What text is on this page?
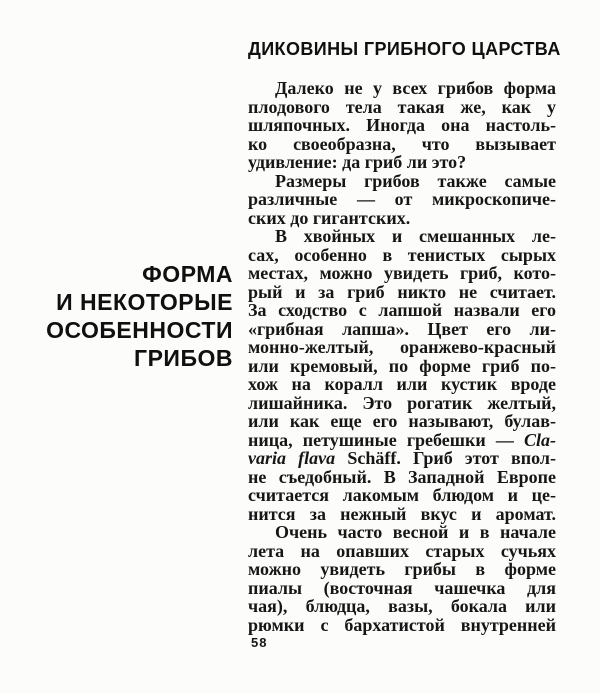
ДИКОВИНЫ ГРИБНОГО ЦАРСТВА
ФОРМА
И НЕКОТОРЫЕ
ОСОБЕННОСТИ
ГРИБОВ
Далеко не у всех грибов форма
плодового тела такая же, как у
шляпочных. Иногда она настоль-
ко своеобразна, что вызывает
удивление: да гриб ли это?
Размеры грибов также самые
различные — от микроскопиче-
ских до гигантских.
В хвойных и смешанных ле-
сах, особенно в тенистых сырых
местах, можно увидеть гриб, кото-
рый и за гриб никто не считает.
За сходство с лапшой назвали его
«грибная лапша». Цвет его ли-
монно-желтый, оранжево-красный
или кремовый, по форме гриб по-
хож на коралл или кустик вроде
лишайника. Это рогатик желтый,
или как еще его называют, булав-
ница, петушиные гребешки — Cla-
varia flava Schäff. Гриб этот впол-
не съедобный. В Западной Европе
считается лакомым блюдом и це-
нится за нежный вкус и аромат.
Очень часто весной и в начале
лета на опавших старых сучьях
можно увидеть грибы в форме
пиалы (восточная чашечка для
чая), блюдца, вазы, бокала или
рюмки с бархатистой внутренней
58
